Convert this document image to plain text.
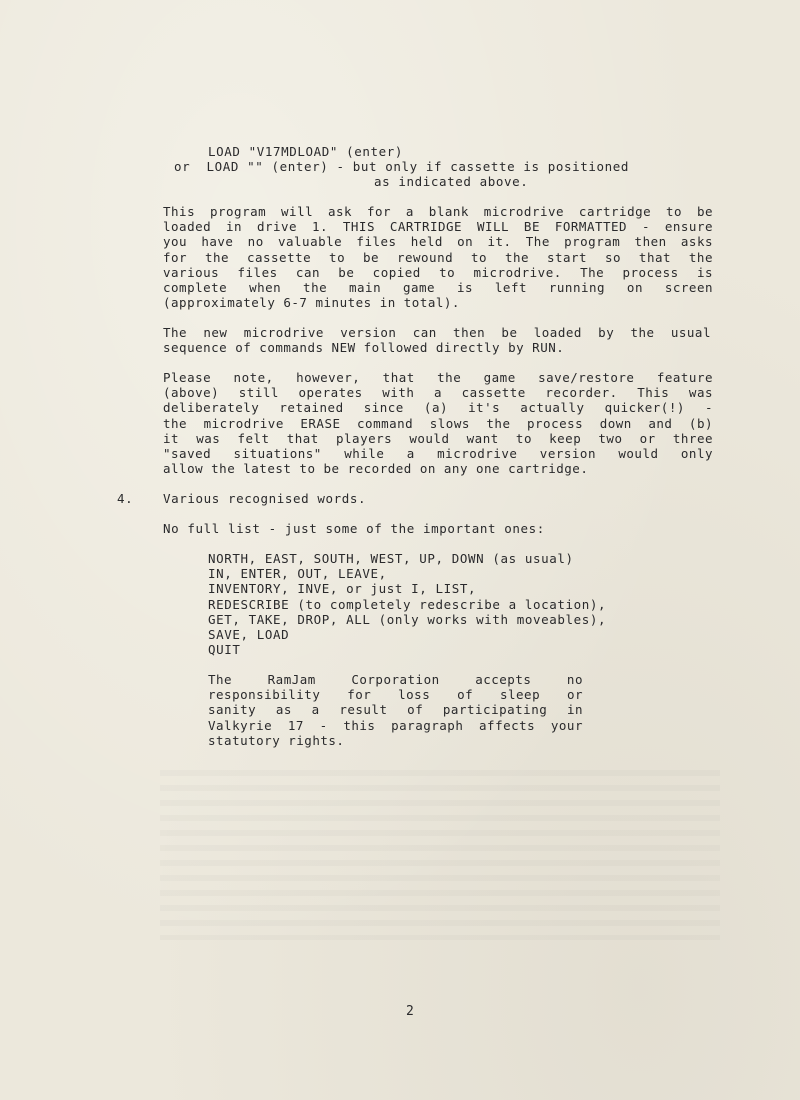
LOAD "V17MDLOAD" (enter)
or  LOAD "" (enter) - but only if cassette is positioned
as indicated above.
This program will ask for a blank microdrive cartridge to be
loaded in drive 1. THIS CARTRIDGE WILL BE FORMATTED - ensure
you have no valuable files held on it. The program then asks
for the cassette to be rewound to the start so that the
various files can be copied to microdrive. The process is
complete when the main game is left running on screen
(approximately 6-7 minutes in total).
The new microdrive version can then be loaded by the usual
sequence of commands NEW followed directly by RUN.
Please note, however, that the game save/restore feature
(above) still operates with a cassette recorder. This was
deliberately retained since (a) it's actually quicker(!) -
the microdrive ERASE command slows the process down and (b)
it was felt that players would want to keep two or three
"saved situations" while a microdrive version would only
allow the latest to be recorded on any one cartridge.
4. Various recognised words.
No full list - just some of the important ones:
NORTH, EAST, SOUTH, WEST, UP, DOWN (as usual)
IN, ENTER, OUT, LEAVE,
INVENTORY, INVE, or just I, LIST,
REDESCRIBE (to completely redescribe a location),
GET, TAKE, DROP, ALL (only works with moveables),
SAVE, LOAD
QUIT
The RamJam Corporation accepts no
responsibility for loss of sleep or
sanity as a result of participating in
Valkyrie 17 - this paragraph affects your
statutory rights.
2
